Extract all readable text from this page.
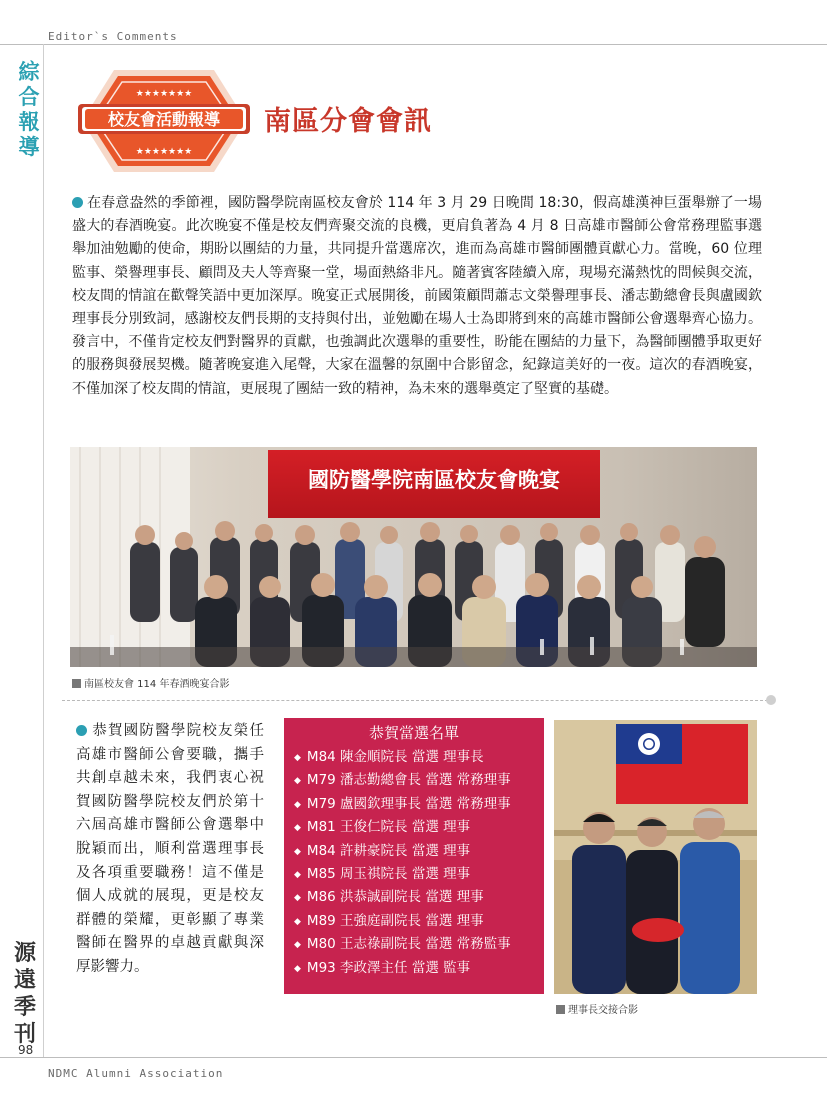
Editor`s Comments
NDMC Alumni Association
綜
合
報
導
源
遠
季
刊
98
★★★★★★★
★★★★★★★
校友會活動報導 南區分會會訊
在春意盎然的季節裡，國防醫學院南區校友會於 114 年 3 月 29 日晚間 18:30，假高雄漢神巨蛋舉辦了一場盛大的春酒晚宴。此次晚宴不僅是校友們齊聚交流的良機，更肩負著為 4 月 8 日高雄市醫師公會常務理監事選舉加油勉勵的使命，期盼以團結的力量，共同提升當選席次，進而為高雄市醫師團體貢獻心力。當晚，60 位理監事、榮譽理事長、顧問及夫人等齊聚一堂，場面熱絡非凡。隨著賓客陸續入席，現場充滿熱忱的問候與交流，校友間的情誼在歡聲笑語中更加深厚。晚宴正式展開後，前國策顧問蕭志文榮譽理事長、潘志勤總會長與盧國欽理事長分別致詞，感謝校友們長期的支持與付出，並勉勵在場人士為即將到來的高雄市醫師公會選舉齊心協力。發言中，不僅肯定校友們對醫界的貢獻，也強調此次選舉的重要性，盼能在團結的力量下，為醫師團體爭取更好的服務與發展契機。隨著晚宴進入尾聲，大家在溫馨的氛圍中合影留念，紀錄這美好的一夜。這次的春酒晚宴，不僅加深了校友間的情誼，更展現了團結一致的精神，為未來的選舉奠定了堅實的基礎。
國防醫學院南區校友會晚宴
南區校友會 114 年春酒晚宴合影
恭賀國防醫學院校友榮任高雄市醫師公會要職，攜手共創卓越未來，我們衷心祝賀國防醫學院校友們於第十六屆高雄市醫師公會選舉中脫穎而出，順利當選理事長及各項重要職務！這不僅是個人成就的展現，更是校友群體的榮耀，更彰顯了專業醫師在醫界的卓越貢獻與深厚影響力。
恭賀當選名單
◆ M84 陳金順院長 當選 理事長
◆ M79 潘志勤總會長 當選 常務理事
◆ M79 盧國欽理事長 當選 常務理事
◆ M81 王俊仁院長 當選 理事
◆ M84 許耕豪院長 當選 理事
◆ M85 周玉祺院長 當選 理事
◆ M86 洪恭誠副院長 當選 理事
◆ M89 王強庭副院長 當選 理事
◆ M80 王志祿副院長 當選 常務監事
◆ M93 李政澤主任 當選 監事
理事長交接合影
